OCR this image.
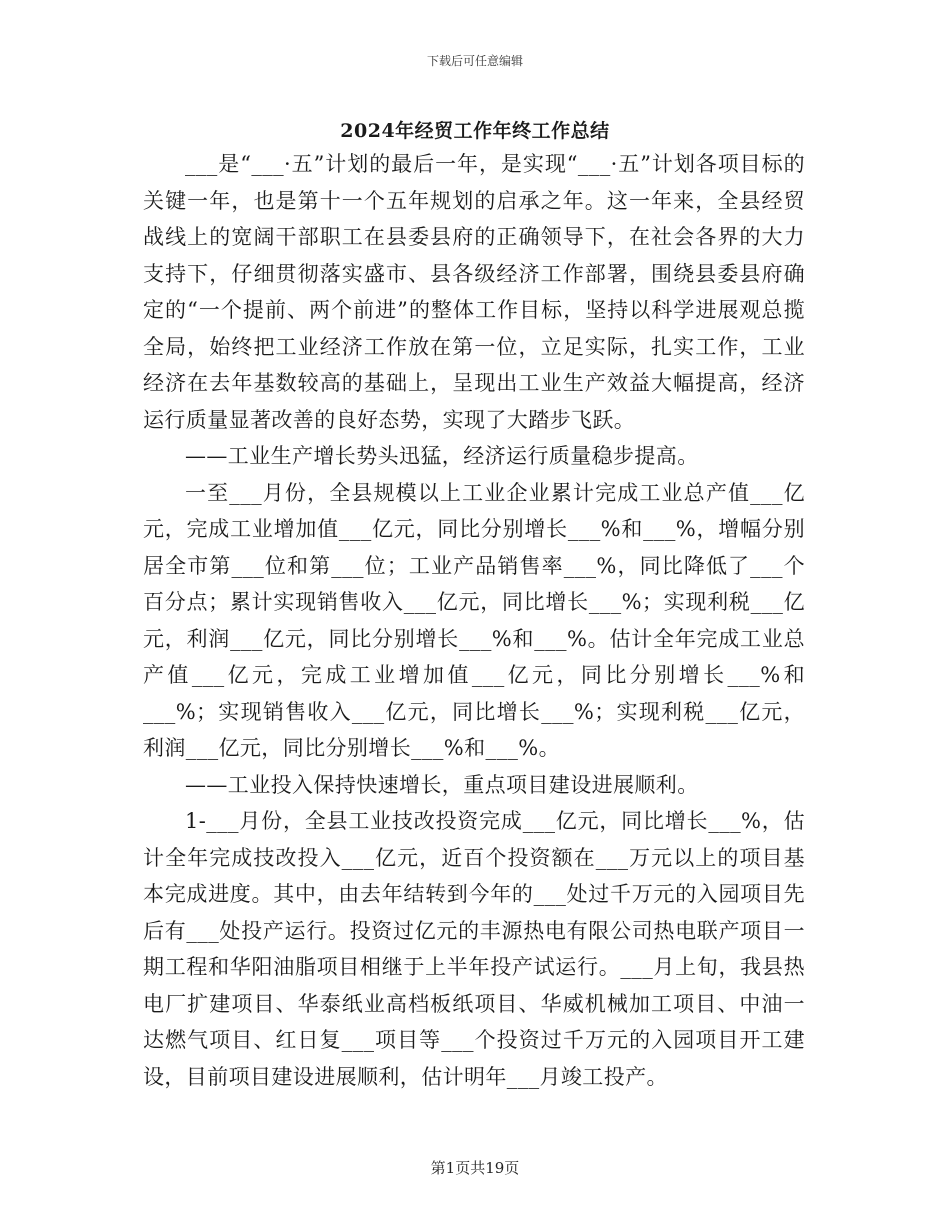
下载后可任意编辑
2024年经贸工作年终工作总结

___是“___·五”计划的最后一年，是实现“___·五”计划各项目标的关键一年，也是第十一个五年规划的启承之年。这一年来，全县经贸战线上的宽阔干部职工在县委县府的正确领导下，在社会各界的大力支持下，仔细贯彻落实盛市、县各级经济工作部署，围绕县委县府确定的“一个提前、两个前进”的整体工作目标，坚持以科学进展观总揽全局，始终把工业经济工作放在第一位，立足实际，扎实工作，工业经济在去年基数较高的基础上，呈现出工业生产效益大幅提高，经济运行质量显著改善的良好态势，实现了大踏步飞跃。

——工业生产增长势头迅猛，经济运行质量稳步提高。

一至___月份，全县规模以上工业企业累计完成工业总产值___亿元，完成工业增加值___亿元，同比分别增长___%和___%，增幅分别居全市第___位和第___位；工业产品销售率___%，同比降低了___个百分点；累计实现销售收入___亿元，同比增长___%；实现利税___亿元，利润___亿元，同比分别增长___%和___%。估计全年完成工业总产值___亿元，完成工业增加值___亿元，同比分别增长___%和___%；实现销售收入___亿元，同比增长___%；实现利税___亿元，利润___亿元，同比分别增长___%和___%。

——工业投入保持快速增长，重点项目建设进展顺利。

1-___月份，全县工业技改投资完成___亿元，同比增长___%，估计全年完成技改投入___亿元，近百个投资额在___万元以上的项目基本完成进度。其中，由去年结转到今年的___处过千万元的入园项目先后有___处投产运行。投资过亿元的丰源热电有限公司热电联产项目一期工程和华阳油脂项目相继于上半年投产试运行。___月上旬，我县热电厂扩建项目、华泰纸业高档板纸项目、华威机械加工项目、中油一达燃气项目、红日复___项目等___个投资过千万元的入园项目开工建设，目前项目建设进展顺利，估计明年___月竣工投产。

第1页共19页
